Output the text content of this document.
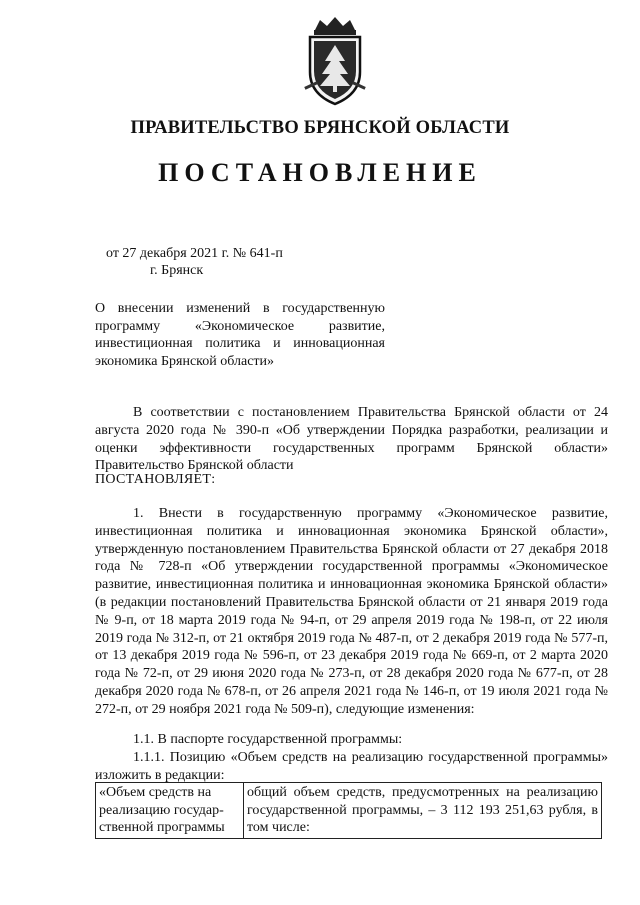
ПРАВИТЕЛЬСТВО БРЯНСКОЙ ОБЛАСТИ
ПОСТАНОВЛЕНИЕ
от 27 декабря 2021 г. № 641-п
г. Брянск
О внесении изменений в государственную программу «Экономическое развитие, инвестиционная политика и инновационная экономика Брянской области»
В соответствии с постановлением Правительства Брянской области от 24 августа 2020 года № 390-п «Об утверждении Порядка разработки, реализации и оценки эффективности государственных программ Брянской области» Правительство Брянской области
ПОСТАНОВЛЯЕТ:
1. Внести в государственную программу «Экономическое развитие, инвестиционная политика и инновационная экономика Брянской области», утвержденную постановлением Правительства Брянской области от 27 декабря 2018 года № 728-п «Об утверждении государственной программы «Экономическое развитие, инвестиционная политика и инновационная экономика Брянской области» (в редакции постановлений Правительства Брянской области от 21 января 2019 года № 9-п, от 18 марта 2019 года № 94-п, от 29 апреля 2019 года № 198-п, от 22 июля 2019 года № 312-п, от 21 октября 2019 года № 487-п, от 2 декабря 2019 года № 577-п, от 13 декабря 2019 года № 596-п, от 23 декабря 2019 года № 669-п, от 2 марта 2020 года № 72-п, от 29 июня 2020 года № 273-п, от 28 декабря 2020 года № 677-п, от 28 декабря 2020 года № 678-п, от 26 апреля 2021 года № 146-п, от 19 июля 2021 года № 272-п, от 29 ноября 2021 года № 509-п), следующие изменения:
1.1. В паспорте государственной программы:
1.1.1. Позицию «Объем средств на реализацию государственной программы» изложить в редакции:
«Объем средств на реализацию государственной программы	общий объем средств, предусмотренных на реализацию государственной программы, – 3 112 193 251,63 рубля, в том числе:
